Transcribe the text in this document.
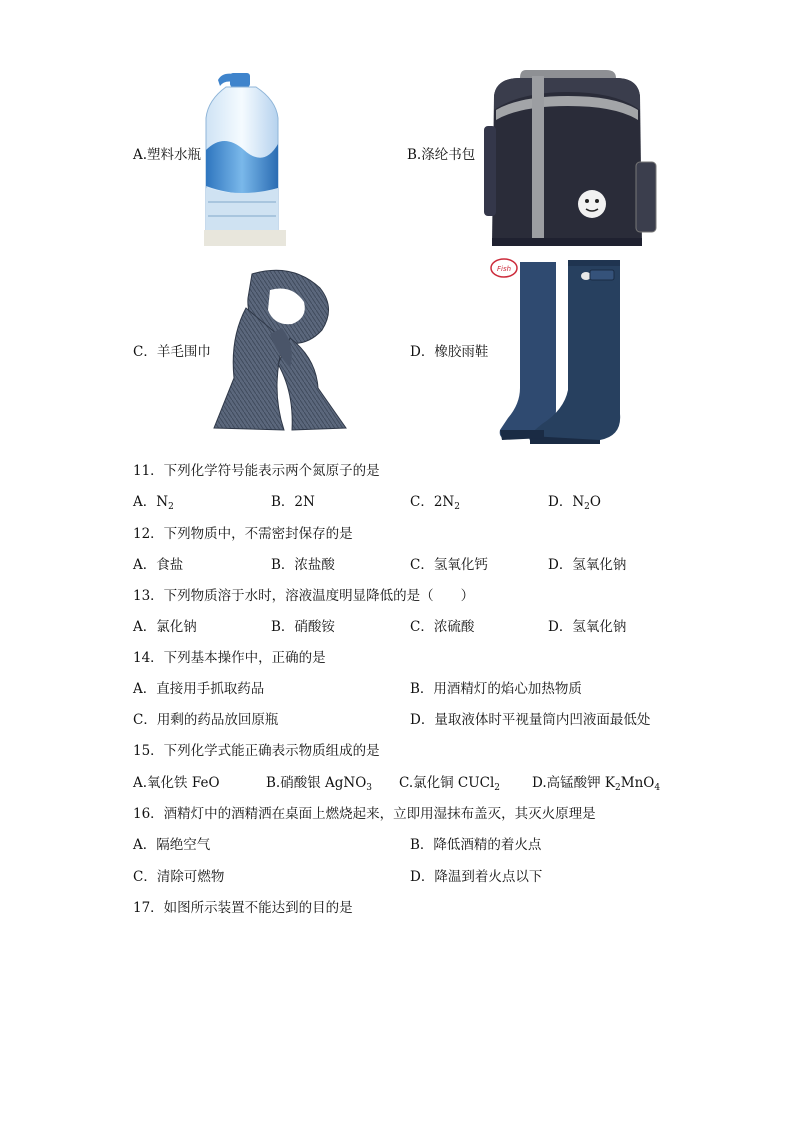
A.塑料水瓶	B.涤纶书包
C．羊毛围巾	D．橡胶雨鞋
Fish
11．下列化学符号能表示两个氮原子的是
A．$N_2$	B．2N	C．$2N_2$	D．$N_2O$
12．下列物质中，不需密封保存的是
A．食盐	B．浓盐酸	C．氢氧化钙	D．氢氧化钠
13．下列物质溶于水时，溶液温度明显降低的是（　　）
A．氯化钠	B．硝酸铵	C．浓硫酸	D．氢氧化钠
14．下列基本操作中，正确的是
A．直接用手抓取药品	B．用酒精灯的焰心加热物质
C．用剩的药品放回原瓶	D．量取液体时平视量筒内凹液面最低处
15．下列化学式能正确表示物质组成的是
A.氧化铁 FeO	B.硝酸银 AgNO$_3$ C.氯化铜 CUCl$_2$ D.高锰酸钾 $K_2MnO_4$
16．酒精灯中的酒精洒在桌面上燃烧起来，立即用湿抹布盖灭，其灭火原理是
A．隔绝空气	B．降低酒精的着火点
C．清除可燃物	D．降温到着火点以下
17．如图所示装置不能达到的目的是
